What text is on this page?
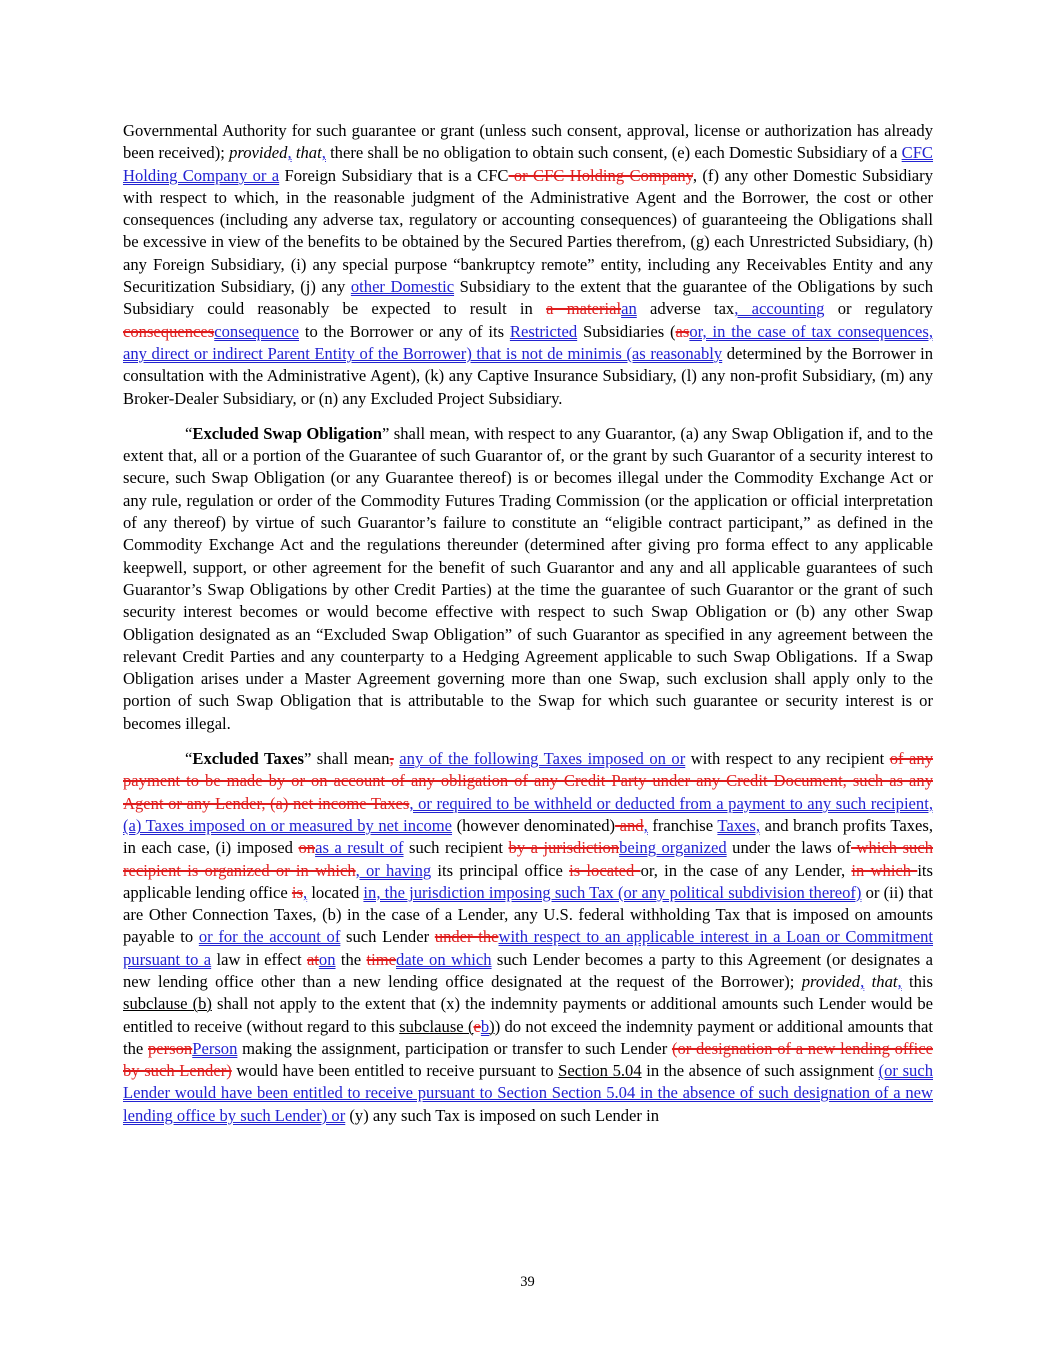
Governmental Authority for such guarantee or grant (unless such consent, approval, license or authorization has already been received); provided, that, there shall be no obligation to obtain such consent, (e) each Domestic Subsidiary of a CFC Holding Company or a Foreign Subsidiary that is a CFC or CFC Holding Company, (f) any other Domestic Subsidiary with respect to which, in the reasonable judgment of the Administrative Agent and the Borrower, the cost or other consequences (including any adverse tax, regulatory or accounting consequences) of guaranteeing the Obligations shall be excessive in view of the benefits to be obtained by the Secured Parties therefrom, (g) each Unrestricted Subsidiary, (h) any Foreign Subsidiary, (i) any special purpose “bankruptcy remote” entity, including any Receivables Entity and any Securitization Subsidiary, (j) any other Domestic Subsidiary to the extent that the guarantee of the Obligations by such Subsidiary could reasonably be expected to result in a materialan adverse tax, accounting or regulatory consequencesconsequence to the Borrower or any of its Restricted Subsidiaries (asor, in the case of tax consequences, any direct or indirect Parent Entity of the Borrower) that is not de minimis (as reasonably determined by the Borrower in consultation with the Administrative Agent), (k) any Captive Insurance Subsidiary, (l) any non-profit Subsidiary, (m) any Broker-Dealer Subsidiary, or (n) any Excluded Project Subsidiary.

“Excluded Swap Obligation” shall mean, with respect to any Guarantor, (a) any Swap Obligation if, and to the extent that, all or a portion of the Guarantee of such Guarantor of, or the grant by such Guarantor of a security interest to secure, such Swap Obligation (or any Guarantee thereof) is or becomes illegal under the Commodity Exchange Act or any rule, regulation or order of the Commodity Futures Trading Commission (or the application or official interpretation of any thereof) by virtue of such Guarantor’s failure to constitute an “eligible contract participant,” as defined in the Commodity Exchange Act and the regulations thereunder (determined after giving pro forma effect to any applicable keepwell, support, or other agreement for the benefit of such Guarantor and any and all applicable guarantees of such Guarantor’s Swap Obligations by other Credit Parties) at the time the guarantee of such Guarantor or the grant of such security interest becomes or would become effective with respect to such Swap Obligation or (b) any other Swap Obligation designated as an “Excluded Swap Obligation” of such Guarantor as specified in any agreement between the relevant Credit Parties and any counterparty to a Hedging Agreement applicable to such Swap Obligations. If a Swap Obligation arises under a Master Agreement governing more than one Swap, such exclusion shall apply only to the portion of such Swap Obligation that is attributable to the Swap for which such guarantee or security interest is or becomes illegal.

“Excluded Taxes” shall mean, any of the following Taxes imposed on or with respect to any recipient of any payment to be made by or on account of any obligation of any Credit Party under any Credit Document, such as any Agent or any Lender, (a) net income Taxes, or required to be withheld or deducted from a payment to any such recipient, (a) Taxes imposed on or measured by net income (however denominated) and, franchise Taxes, and branch profits Taxes, in each case, (i) imposed onas a result of such recipient by a jurisdictionbeing organized under the laws of which such recipient is organized or in which, or having its principal office is located or, in the case of any Lender, in which its applicable lending office is, located in, the jurisdiction imposing such Tax (or any political subdivision thereof) or (ii) that are Other Connection Taxes, (b) in the case of a Lender, any U.S. federal withholding Tax that is imposed on amounts payable to or for the account of such Lender under thewith respect to an applicable interest in a Loan or Commitment pursuant to a law in effect aton the timedate on which such Lender becomes a party to this Agreement (or designates a new lending office other than a new lending office designated at the request of the Borrower); provided, that, this subclause (b) shall not apply to the extent that (x) the indemnity payments or additional amounts such Lender would be entitled to receive (without regard to this subclause (eb)) do not exceed the indemnity payment or additional amounts that the personPerson making the assignment, participation or transfer to such Lender (or designation of a new lending office by such Lender) would have been entitled to receive pursuant to Section 5.04 in the absence of such assignment (or such Lender would have been entitled to receive pursuant to Section Section 5.04 in the absence of such designation of a new lending office by such Lender) or (y) any such Tax is imposed on such Lender in

39
